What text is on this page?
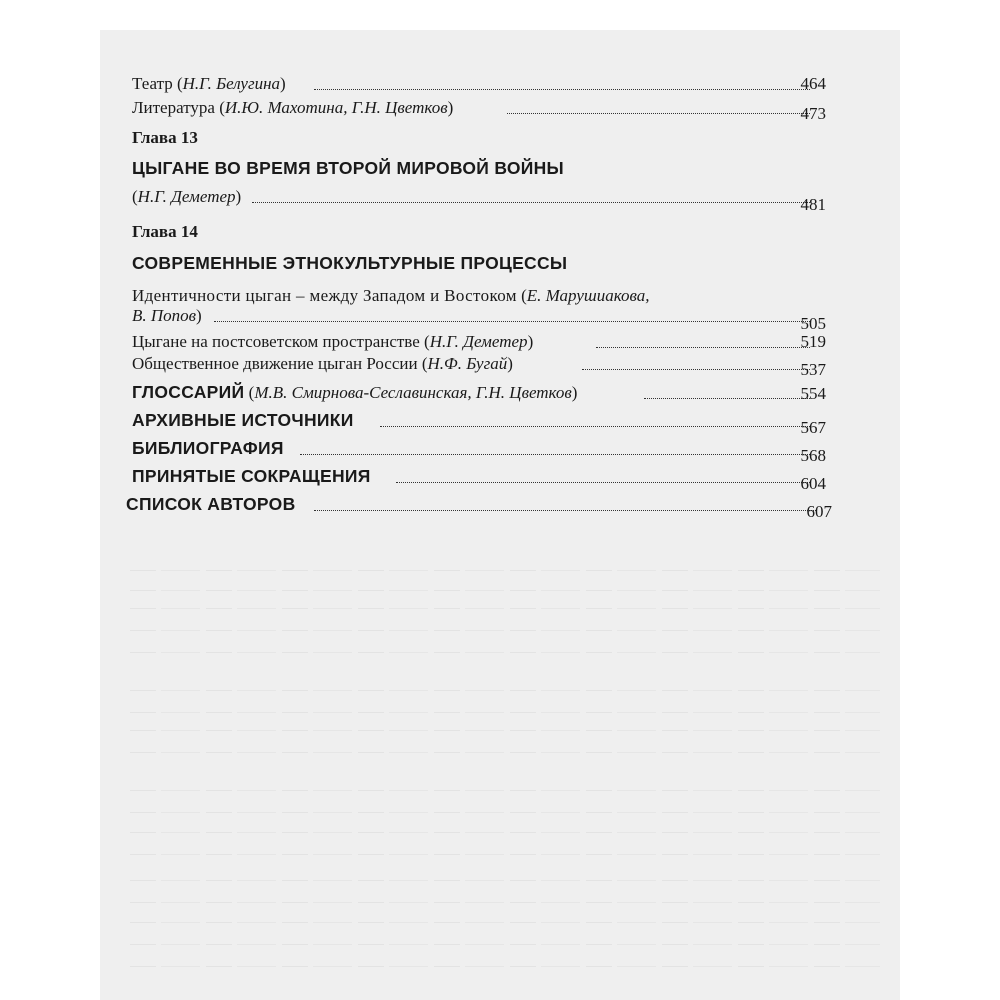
Театр (Н.Г. Белугина)	464
Литература (И.Ю. Махотина, Г.Н. Цветков)	473
Глава 13
ЦЫГАНЕ ВО ВРЕМЯ ВТОРОЙ МИРОВОЙ ВОЙНЫ
(Н.Г. Деметер)	481
Глава 14
СОВРЕМЕННЫЕ ЭТНОКУЛЬТУРНЫЕ ПРОЦЕССЫ
Идентичности цыган – между Западом и Востоком (Е. Марушиакова,
В. Попов)	505
Цыгане на постсоветском пространстве (Н.Г. Деметер)	519
Общественное движение цыган России (Н.Ф. Бугай)	537
ГЛОССАРИЙ (М.В. Смирнова-Сеславинская, Г.Н. Цветков)	554
АРХИВНЫЕ ИСТОЧНИКИ	567
БИБЛИОГРАФИЯ	568
ПРИНЯТЫЕ СОКРАЩЕНИЯ	604
СПИСОК АВТОРОВ	607
